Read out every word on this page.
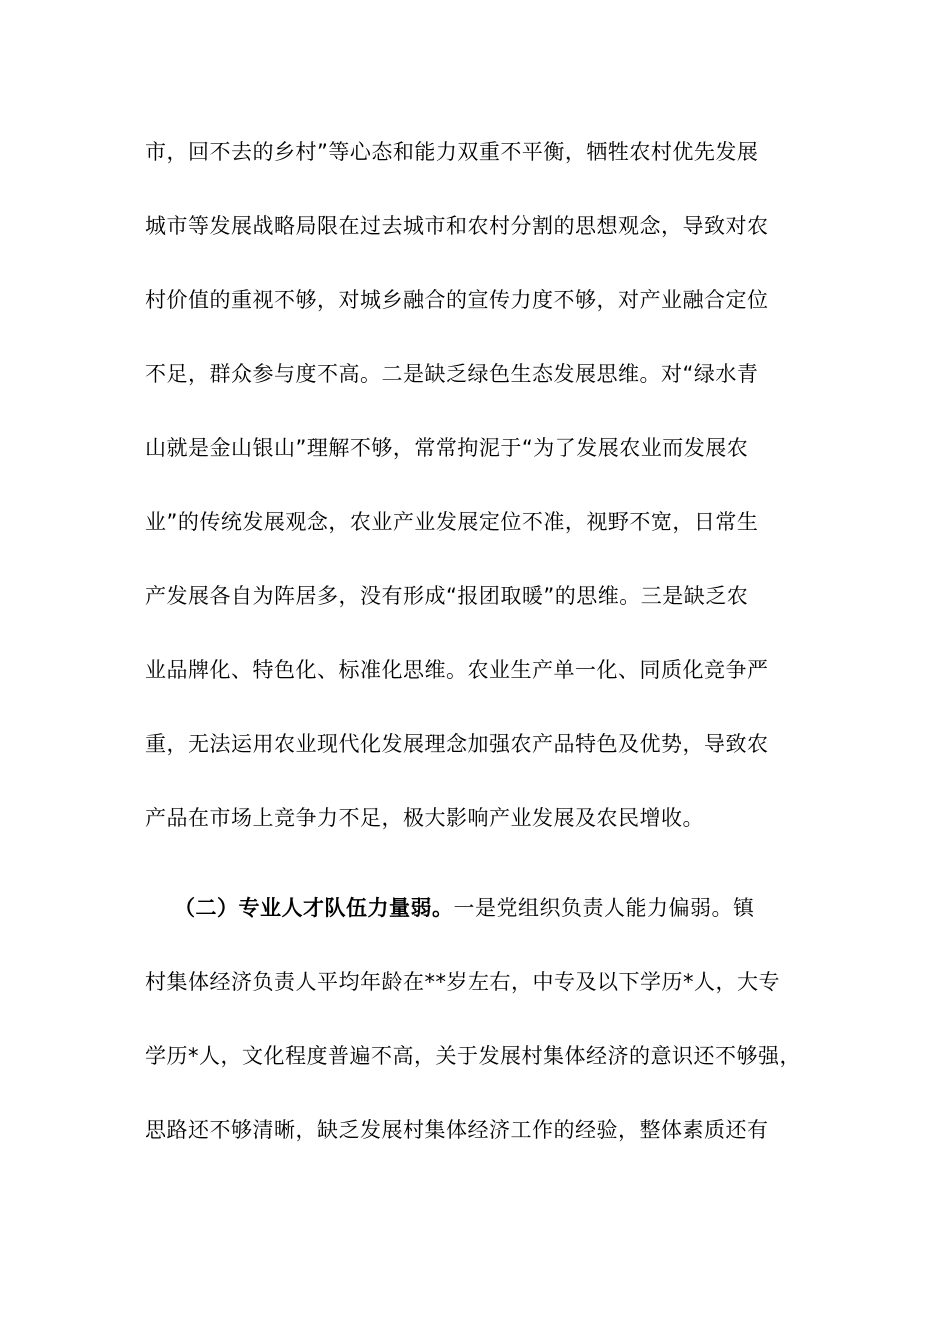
市，回不去的乡村”等心态和能力双重不平衡，牺牲农村优先发展
城市等发展战略局限在过去城市和农村分割的思想观念，导致对农
村价值的重视不够，对城乡融合的宣传力度不够，对产业融合定位
不足，群众参与度不高。二是缺乏绿色生态发展思维。对“绿水青
山就是金山银山”理解不够，常常拘泥于“为了发展农业而发展农
业”的传统发展观念，农业产业发展定位不准，视野不宽，日常生
产发展各自为阵居多，没有形成“报团取暖”的思维。三是缺乏农
业品牌化、特色化、标准化思维。农业生产单一化、同质化竞争严
重，无法运用农业现代化发展理念加强农产品特色及优势，导致农
产品在市场上竞争力不足，极大影响产业发展及农民增收。
（二）专业人才队伍力量弱。一是党组织负责人能力偏弱。镇
村集体经济负责人平均年龄在**岁左右，中专及以下学历*人，大专
学历*人，文化程度普遍不高，关于发展村集体经济的意识还不够强，
思路还不够清晰，缺乏发展村集体经济工作的经验，整体素质还有
